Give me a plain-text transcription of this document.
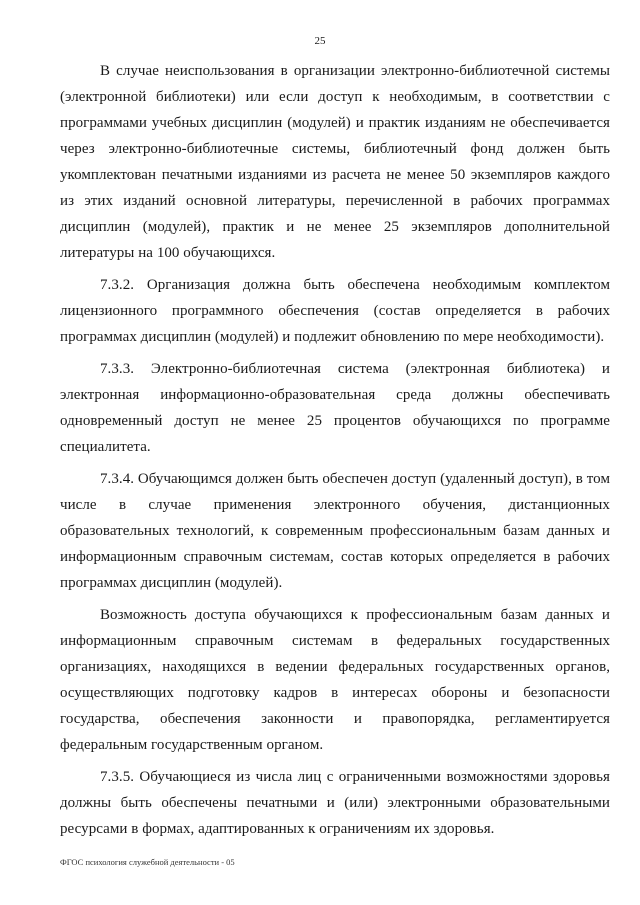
25

В случае неиспользования в организации электронно-библиотечной системы (электронной библиотеки) или если доступ к необходимым, в соответствии с программами учебных дисциплин (модулей) и практик изданиям не обеспечивается через электронно-библиотечные системы, библиотечный фонд должен быть укомплектован печатными изданиями из расчета не менее 50 экземпляров каждого из этих изданий основной литературы, перечисленной в рабочих программах дисциплин (модулей), практик и не менее 25 экземпляров дополнительной литературы на 100 обучающихся.

7.3.2. Организация должна быть обеспечена необходимым комплектом лицензионного программного обеспечения (состав определяется в рабочих программах дисциплин (модулей) и подлежит обновлению по мере необходимости).

7.3.3. Электронно-библиотечная система (электронная библиотека) и электронная информационно-образовательная среда должны обеспечивать одновременный доступ не менее 25 процентов обучающихся по программе специалитета.

7.3.4. Обучающимся должен быть обеспечен доступ (удаленный доступ), в том числе в случае применения электронного обучения, дистанционных образовательных технологий, к современным профессиональным базам данных и информационным справочным системам, состав которых определяется в рабочих программах дисциплин (модулей).

Возможность доступа обучающихся к профессиональным базам данных и информационным справочным системам в федеральных государственных организациях, находящихся в ведении федеральных государственных органов, осуществляющих подготовку кадров в интересах обороны и безопасности государства, обеспечения законности и правопорядка, регламентируется федеральным государственным органом.

7.3.5. Обучающиеся из числа лиц с ограниченными возможностями здоровья должны быть обеспечены печатными и (или) электронными образовательными ресурсами в формах, адаптированных к ограничениям их здоровья.

ФГОС психология служебной деятельности - 05
